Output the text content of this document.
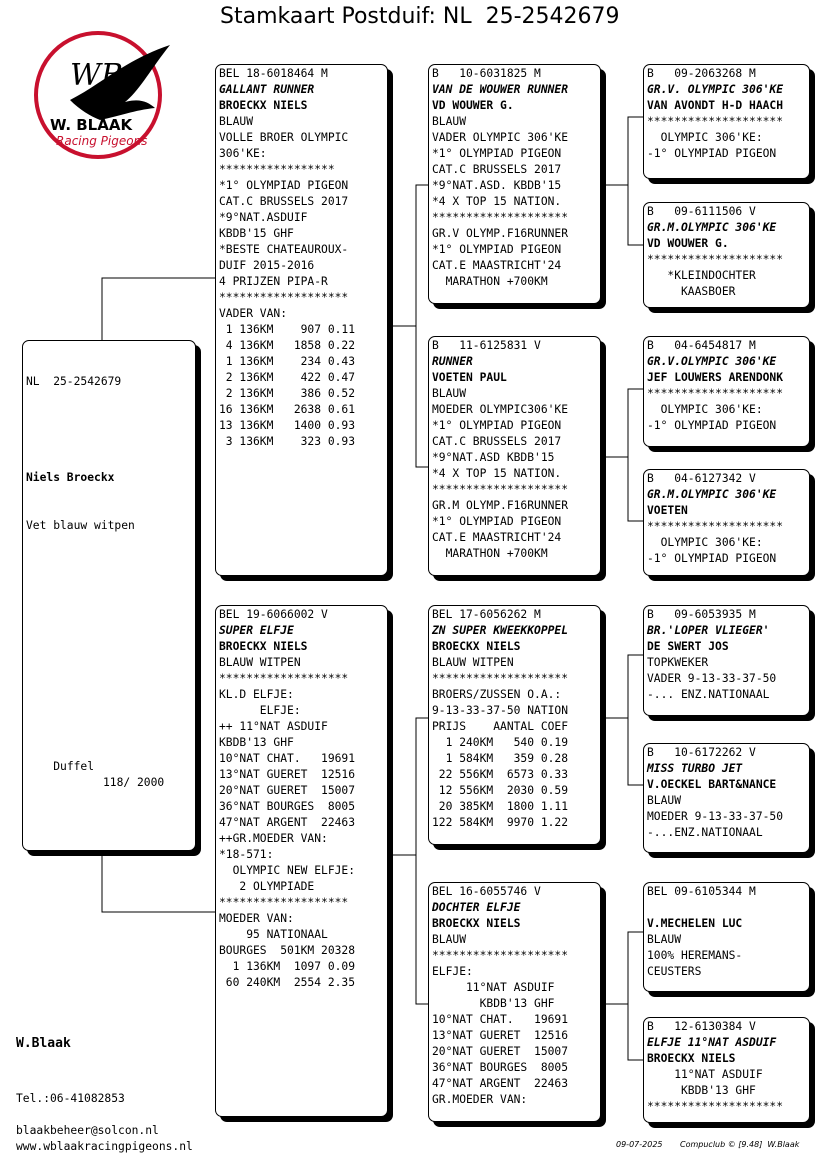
Stamkaart Postduif: NL  25-2542679
WB
W. BLAAK
Racing Pigeons

NL  25-2542679

Niels Broeckx

Vet blauw witpen

Duffel

118/ 2000

BEL 18-6018464 M
GALLANT RUNNER
BROECKX NIELS
BLAUW
VOLLE BROER OLYMPIC
306'KE:
*****************
*1° OLYMPIAD PIGEON
CAT.C BRUSSELS 2017
*9°NAT.ASDUIF
KBDB'15 GHF
*BESTE CHATEAUROUX-
DUIF 2015-2016
4 PRIJZEN PIPA-R
*******************
VADER VAN:
1 136KM    907 0.11
4 136KM   1858 0.22
1 136KM    234 0.43
2 136KM    422 0.47
2 136KM    386 0.52
16 136KM   2638 0.61
13 136KM   1400 0.93
3 136KM    323 0.93
BEL 19-6066002 V
SUPER ELFJE
BROECKX NIELS
BLAUW WITPEN
*******************
KL.D ELFJE:
ELFJE:
++ 11°NAT ASDUIF
KBDB'13 GHF
10°NAT CHAT.   19691
13°NAT GUERET  12516
20°NAT GUERET  15007
36°NAT BOURGES  8005
47°NAT ARGENT  22463
++GR.MOEDER VAN:
*18-571:
OLYMPIC NEW ELFJE:
2 OLYMPIADE
*******************
MOEDER VAN:
95 NATIONAAL
BOURGES  501KM 20328
1 136KM  1097 0.09
60 240KM  2554 2.35
B   10-6031825 M
VAN DE WOUWER RUNNER
VD WOUWER G.
BLAUW
VADER OLYMPIC 306'KE
*1° OLYMPIAD PIGEON
CAT.C BRUSSELS 2017
*9°NAT.ASD. KBDB'15
*4 X TOP 15 NATION.
********************
GR.V OLYMP.F16RUNNER
*1° OLYMPIAD PIGEON
CAT.E MAASTRICHT'24
MARATHON +700KM
B   11-6125831 V
RUNNER
VOETEN PAUL
BLAUW
MOEDER OLYMPIC306'KE
*1° OLYMPIAD PIGEON
CAT.C BRUSSELS 2017
*9°NAT.ASD KBDB'15
*4 X TOP 15 NATION.
********************
GR.M OLYMP.F16RUNNER
*1° OLYMPIAD PIGEON
CAT.E MAASTRICHT'24
MARATHON +700KM
BEL 17-6056262 M
ZN SUPER KWEEKKOPPEL
BROECKX NIELS
BLAUW WITPEN
********************
BROERS/ZUSSEN O.A.:
9-13-33-37-50 NATION
PRIJS    AANTAL COEF
1 240KM   540 0.19
1 584KM   359 0.28
22 556KM  6573 0.33
12 556KM  2030 0.59
20 385KM  1800 1.11
122 584KM  9970 1.22
BEL 16-6055746 V
DOCHTER ELFJE
BROECKX NIELS
BLAUW
********************
ELFJE:
11°NAT ASDUIF
KBDB'13 GHF
10°NAT CHAT.   19691
13°NAT GUERET  12516
20°NAT GUERET  15007
36°NAT BOURGES  8005
47°NAT ARGENT  22463
GR.MOEDER VAN:
B   09-2063268 M
GR.V. OLYMPIC 306'KE
VAN AVONDT H-D HAACH
********************
OLYMPIC 306'KE:
-1° OLYMPIAD PIGEON
B   09-6111506 V
GR.M.OLYMPIC 306'KE
VD WOUWER G.
********************
*KLEINDOCHTER
KAASBOER
B   04-6454817 M
GR.V.OLYMPIC 306'KE
JEF LOUWERS ARENDONK
********************
OLYMPIC 306'KE:
-1° OLYMPIAD PIGEON
B   04-6127342 V
GR.M.OLYMPIC 306'KE
VOETEN
********************
OLYMPIC 306'KE:
-1° OLYMPIAD PIGEON
B   09-6053935 M
BR.'LOPER VLIEGER'
DE SWERT JOS
TOPKWEKER
VADER 9-13-33-37-50
-... ENZ.NATIONAAL
B   10-6172262 V
MISS TURBO JET
V.OECKEL BART&NANCE
BLAUW
MOEDER 9-13-33-37-50
-...ENZ.NATIONAAL
BEL 09-6105344 M
V.MECHELEN LUC
BLAUW
100% HEREMANS-
CEUSTERS
B   12-6130384 V
ELFJE 11°NAT ASDUIF
BROECKX NIELS
11°NAT ASDUIF
KBDB'13 GHF
********************
W.Blaak
Tel.:06-41082853
blaakbeheer@solcon.nl
www.wblaakracingpigeons.nl	09-07-2025 Compuclub © [9.48]  W.Blaak
